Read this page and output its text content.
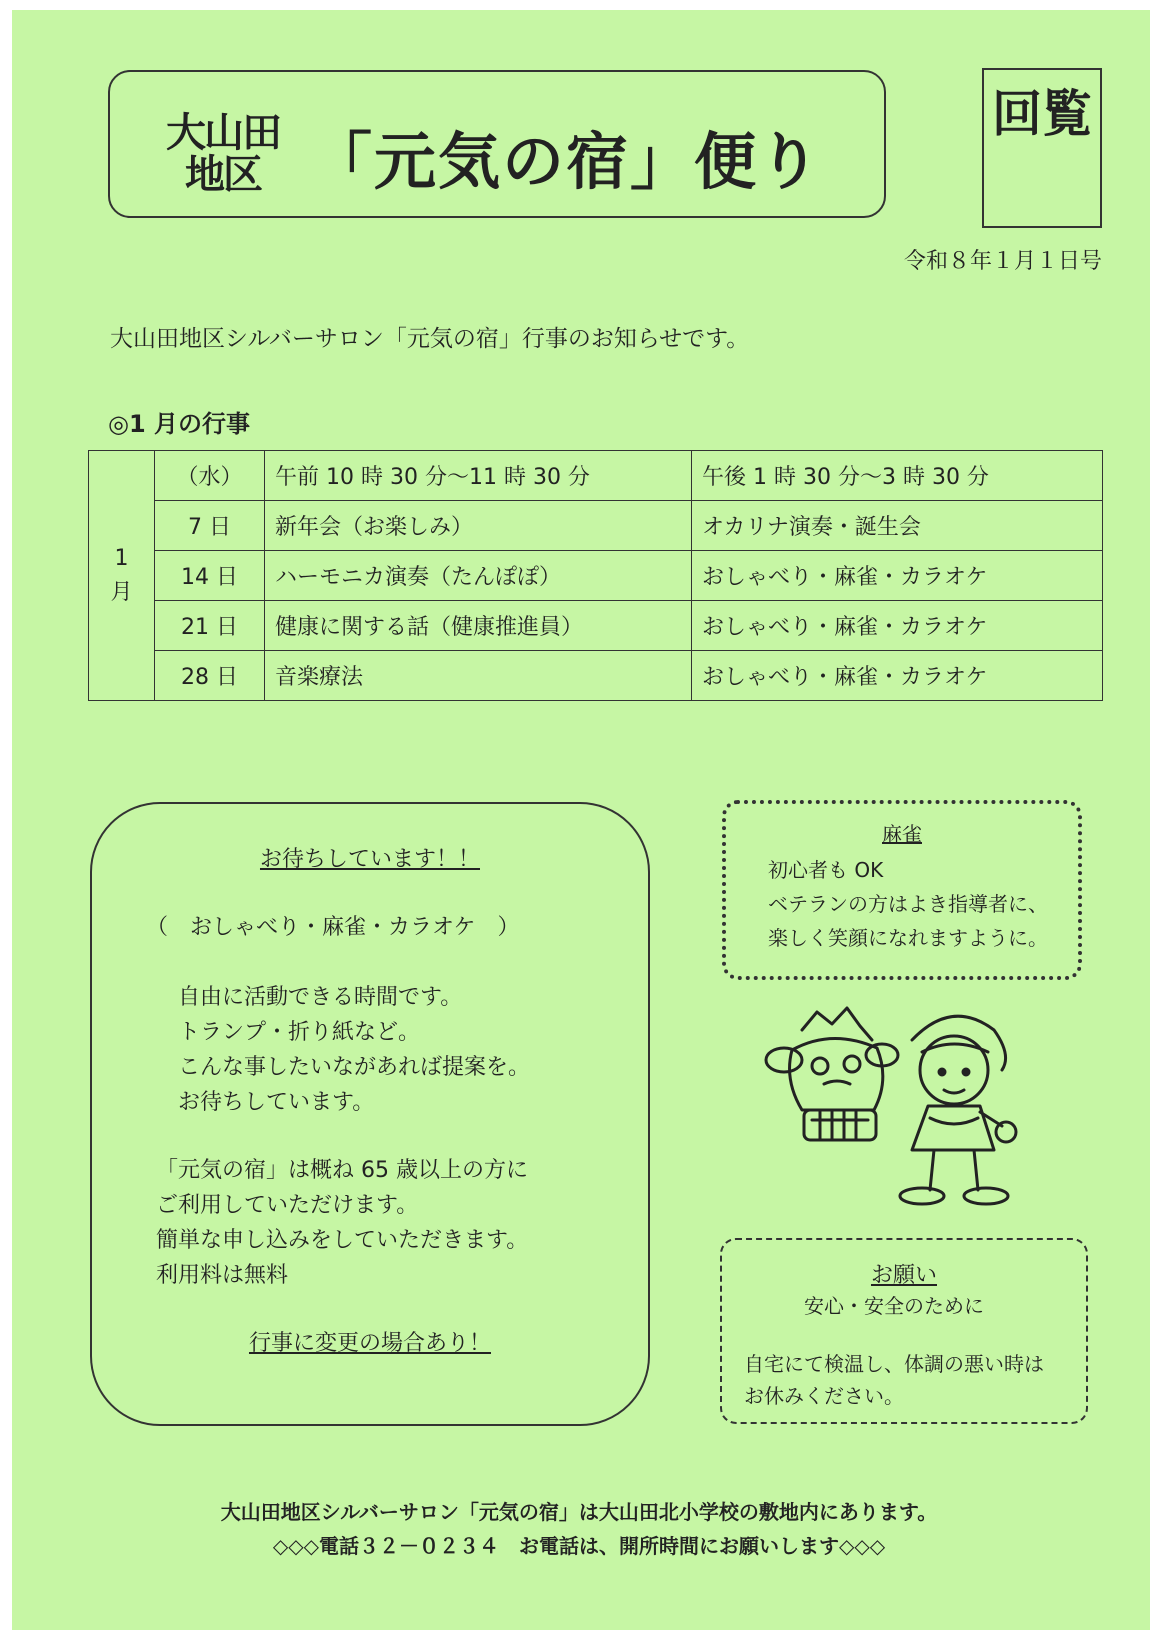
大山田地区 「元気の宿」便り
回覧
令和８年１月１日号
大山田地区シルバーサロン「元気の宿」行事のお知らせです。
◎1 月の行事
1月	（水）	午前 10 時 30 分～11 時 30 分	午後 1 時 30 分～3 時 30 分
	7 日	新年会（お楽しみ）	オカリナ演奏・誕生会
	14 日	ハーモニカ演奏（たんぽぽ）	おしゃべり・麻雀・カラオケ
	21 日	健康に関する話（健康推進員）	おしゃべり・麻雀・カラオケ
	28 日	音楽療法	おしゃべり・麻雀・カラオケ
お待ちしています！！
（　おしゃべり・麻雀・カラオケ　）
自由に活動できる時間です。
トランプ・折り紙など。
こんな事したいながあれば提案を。
お待ちしています。
「元気の宿」は概ね 65 歳以上の方に
ご利用していただけます。
簡単な申し込みをしていただきます。
利用料は無料
行事に変更の場合あり！
麻雀
初心者も OK
ベテランの方はよき指導者に、
楽しく笑顔になれますように。
お願い
安心・安全のために
自宅にて検温し、体調の悪い時は
お休みください。
大山田地区シルバーサロン「元気の宿」は大山田北小学校の敷地内にあります。
◇◇◇電話３２－０２３４　お電話は、開所時間にお願いします◇◇◇
